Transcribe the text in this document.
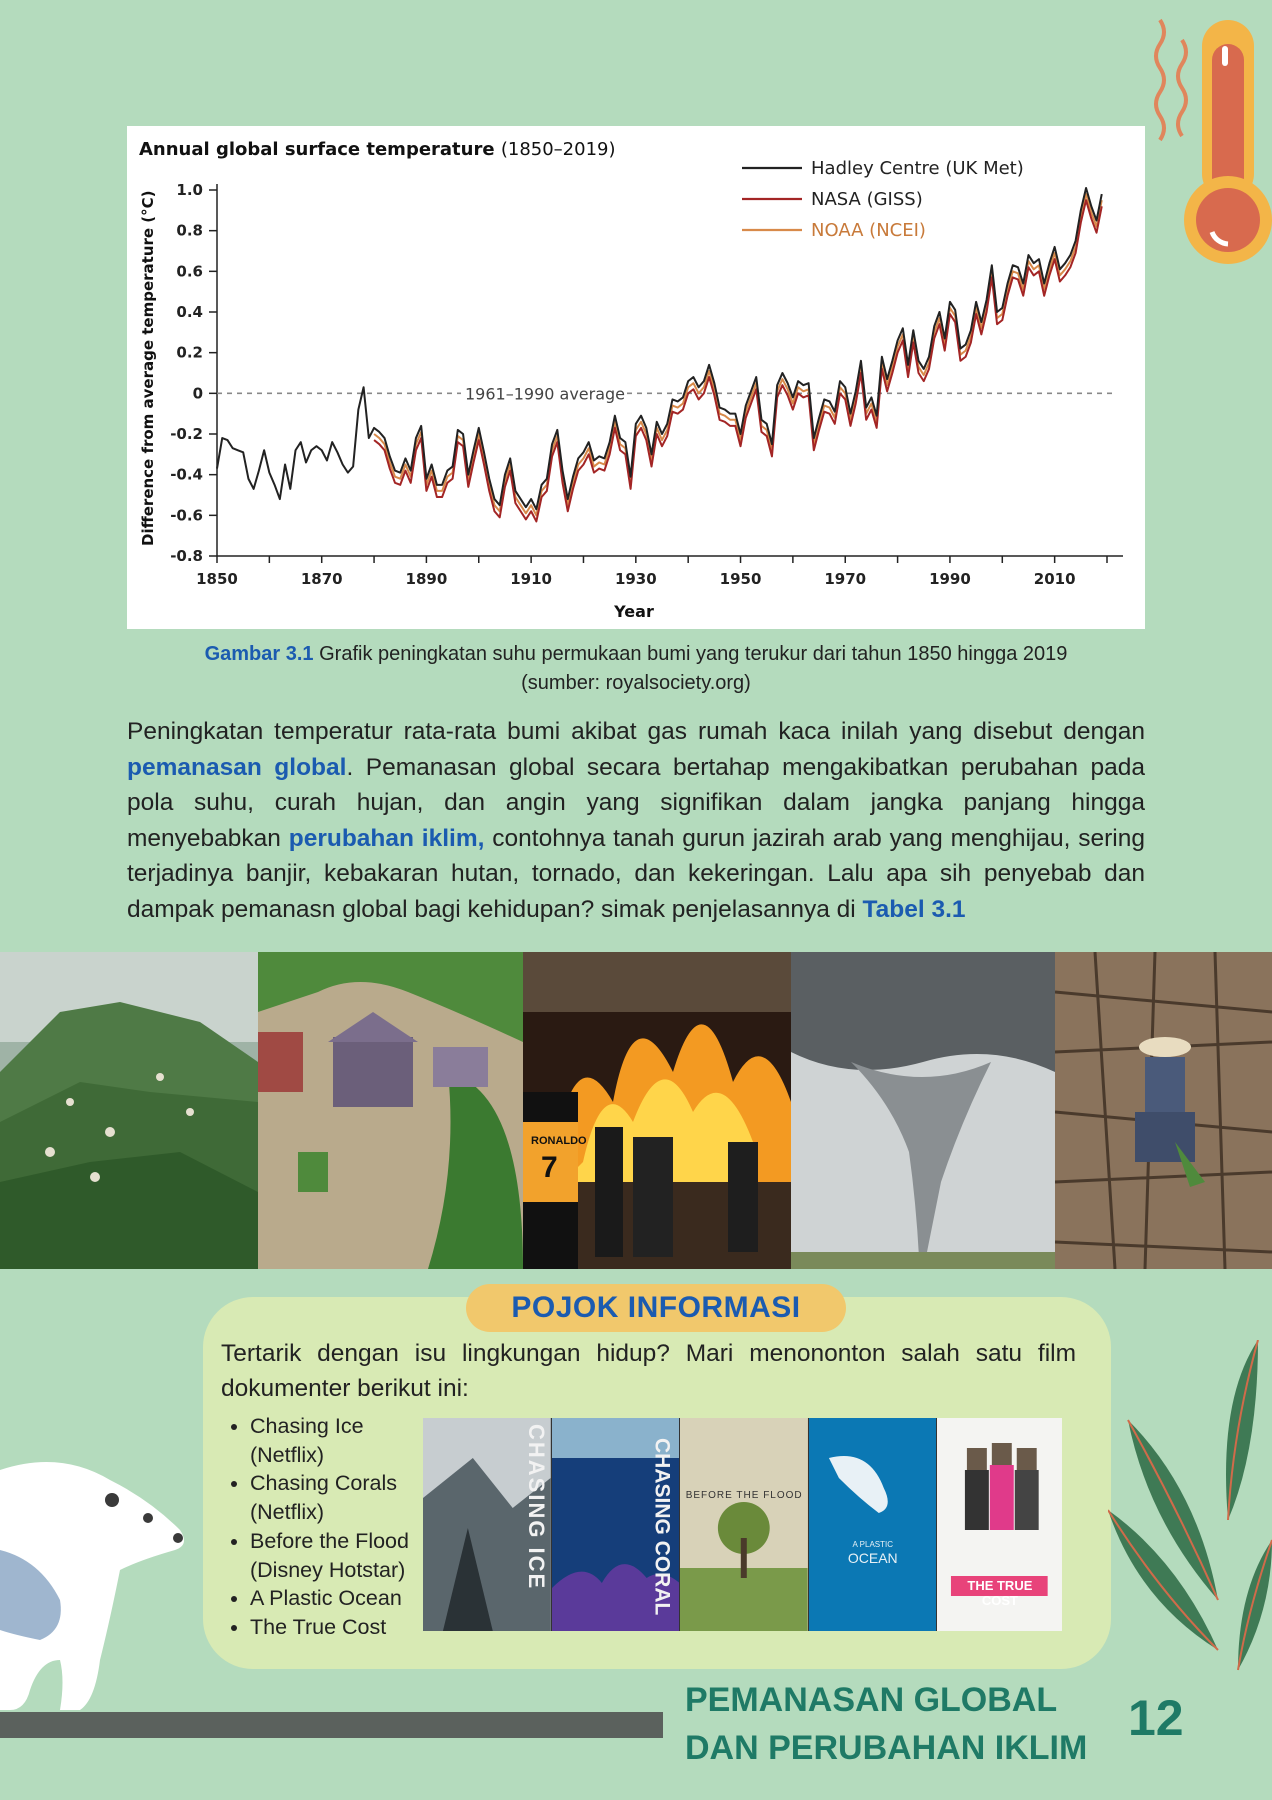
Annual global surface temperature (1850–2019)
Difference from average temperature (°C)
Year
1.0
0.8
0.6
0.4
0.2
0
-0.2
-0.4
-0.6
-0.8
1850	1870	1890	1910	1930	1950	1970	1990	2010
1961–1990 average
Hadley Centre (UK Met)
NASA (GISS)
NOAA (NCEI)
Gambar 3.1 Grafik peningkatan suhu permukaan bumi yang terukur dari tahun 1850 hingga 2019
(sumber: royalsociety.org)
Peningkatan temperatur rata-rata bumi akibat gas rumah kaca inilah yang disebut dengan pemanasan global. Pemanasan global secara bertahap mengakibatkan perubahan pada pola suhu, curah hujan, dan angin yang signifikan dalam jangka panjang hingga menyebabkan perubahan iklim, contohnya tanah gurun jazirah arab yang menghijau, sering terjadinya banjir, kebakaran hutan, tornado, dan kekeringan. Lalu apa sih penyebab dan dampak pemanasn global bagi kehidupan? simak penjelasannya di Tabel 3.1
RONALDO
7
POJOK INFORMASI
Tertarik dengan isu lingkungan hidup? Mari menononton salah satu film dokumenter berikut ini:
• Chasing Ice
(Netflix)
• Chasing Corals
(Netflix)
• Before the Flood
(Disney Hotstar)
• A Plastic Ocean
• The True Cost
CHASING ICE	CHASING CORAL	BEFORE THE FLOOD
A PLASTIC
OCEAN
THE TRUE COST
PEMANASAN GLOBAL
DAN PERUBAHAN IKLIM
12
